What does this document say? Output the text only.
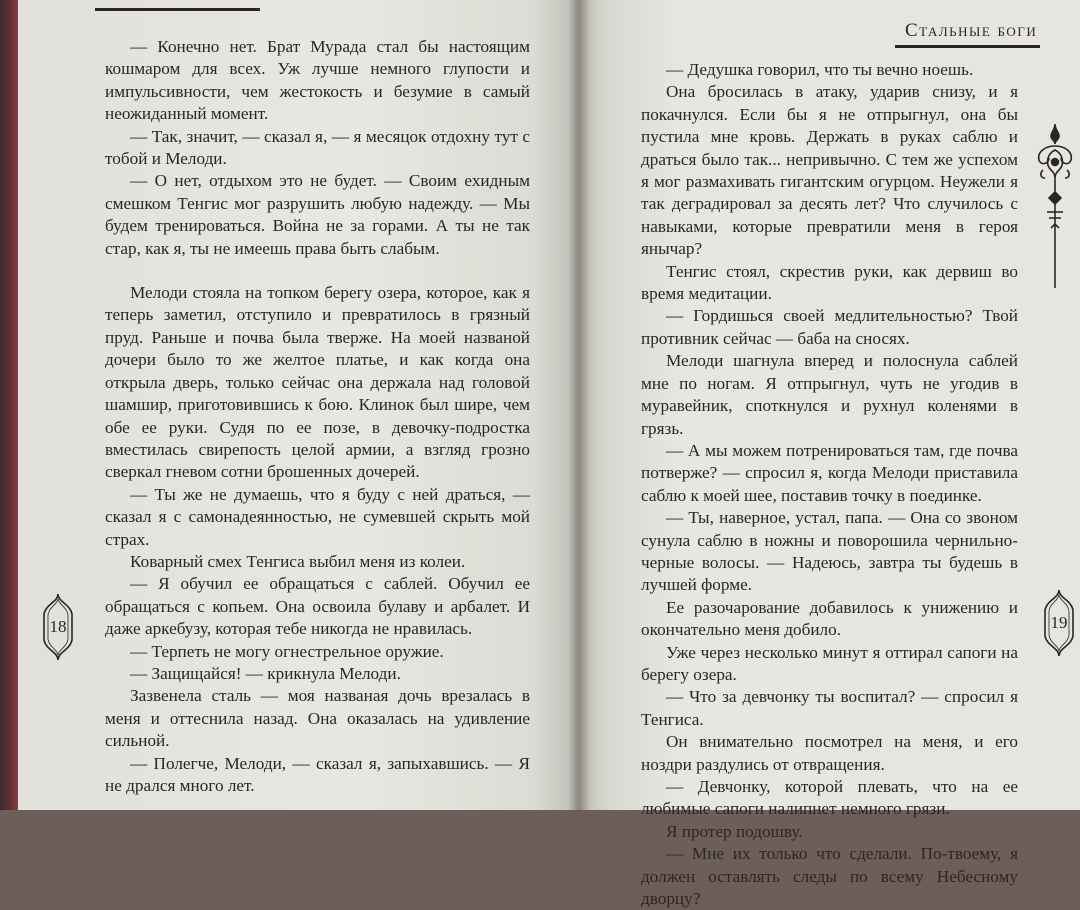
Стальные боги

— Конечно нет. Брат Мурада стал бы настоящим кошмаром для всех. Уж лучше немного глупости и импульсивности, чем жестокость и безумие в самый неожиданный момент.

— Так, значит, — сказал я, — я месяцок отдохну тут с тобой и Мелоди.

— О нет, отдыхом это не будет. — Своим ехидным смешком Тенгис мог разрушить любую надежду. — Мы будем тренироваться. Война не за горами. А ты не так стар, как я, ты не имеешь права быть слабым.

Мелоди стояла на топком берегу озера, которое, как я теперь заметил, отступило и превратилось в грязный пруд. Раньше и почва была тверже. На моей названой дочери было то же желтое платье, и как когда она открыла дверь, только сейчас она держала над головой шамшир, приготовившись к бою. Клинок был шире, чем обе ее руки. Судя по ее позе, в девочку-подростка вместилась свирепость целой армии, а взгляд грозно сверкал гневом сотни брошенных дочерей.

— Ты же не думаешь, что я буду с ней драться, — сказал я с самонадеянностью, не сумевшей скрыть мой страх.

Коварный смех Тенгиса выбил меня из колеи.

— Я обучил ее обращаться с саблей. Обучил ее обращаться с копьем. Она освоила булаву и арбалет. И даже аркебузу, которая тебе никогда не нравилась.

— Терпеть не могу огнестрельное оружие.

— Защищайся! — крикнула Мелоди.

Зазвенела сталь — моя названая дочь врезалась в меня и оттеснила назад. Она оказалась на удивление сильной.

— Полегче, Мелоди, — сказал я, запыхавшись. — Я не дрался много лет.

— Дедушка говорил, что ты вечно ноешь.

Она бросилась в атаку, ударив снизу, и я покачнулся. Если бы я не отпрыгнул, она бы пустила мне кровь. Держать в руках саблю и драться было так... непривычно. С тем же успехом я мог размахивать гигантским огурцом. Неужели я так деградировал за десять лет? Что случилось с навыками, которые превратили меня в героя янычар?

Тенгис стоял, скрестив руки, как дервиш во время медитации.

— Гордишься своей медлительностью? Твой противник сейчас — баба на сносях.

Мелоди шагнула вперед и полоснула саблей мне по ногам. Я отпрыгнул, чуть не угодив в муравейник, споткнулся и рухнул коленями в грязь.

— А мы можем потренироваться там, где почва потверже? — спросил я, когда Мелоди приставила саблю к моей шее, поставив точку в поединке.

— Ты, наверное, устал, папа. — Она со звоном сунула саблю в ножны и поворошила чернильно-черные волосы. — Надеюсь, завтра ты будешь в лучшей форме.

Ее разочарование добавилось к унижению и окончательно меня добило.

Уже через несколько минут я оттирал сапоги на берегу озера.

— Что за девчонку ты воспитал? — спросил я Тенгиса.

Он внимательно посмотрел на меня, и его ноздри раздулись от отвращения.

— Девчонку, которой плевать, что на ее любимые сапоги налипнет немного грязи.

Я протер подошву.

— Мне их только что сделали. По-твоему, я должен оставлять следы по всему Небесному дворцу?

18	19
